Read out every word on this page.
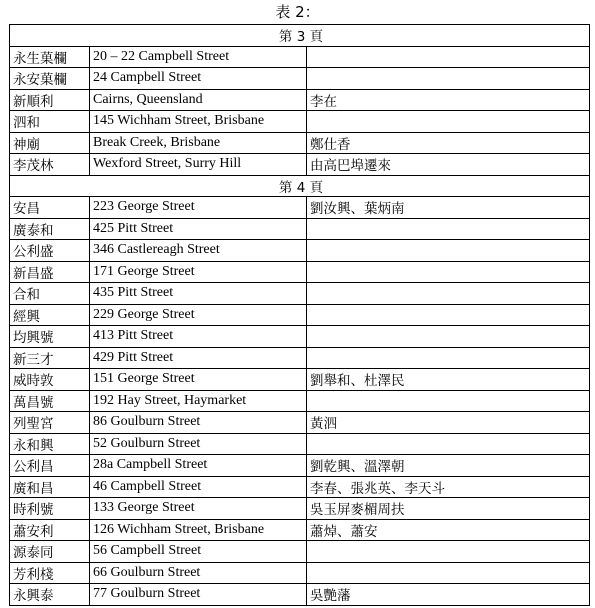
表 2：
第 3 頁		
永生菓欄	20 – 22 Campbell Street	
永安菓欄	24 Campbell Street	
新順利	Cairns, Queensland	李在
泗和	145 Wichham Street, Brisbane	
神廟	Break Creek, Brisbane	鄭仕香
李茂林	Wexford Street, Surry Hill	由高巴埠遷來
第 4 頁		
安昌	223 George Street	劉汝興、葉炳南
廣泰和	425 Pitt Street	
公利盛	346 Castlereagh Street	
新昌盛	171 George Street	
合和	435 Pitt Street	
經興	229 George Street	
均興號	413 Pitt Street	
新三才	429 Pitt Street	
威時敦	151 George Street	劉舉和、杜澤民
萬昌號	192 Hay Street, Haymarket	
列聖宮	86 Goulburn Street	黃泗
永和興	52 Goulburn Street	
公利昌	28a Campbell Street	劉乾興、溫澤朝
廣和昌	46 Campbell Street	李春、張兆英、李天斗
時利號	133 George Street	吳玉屏麥楣周扶
蕭安利	126 Wichham Street, Brisbane	蕭焯、蕭安
源泰同	56 Campbell Street	
芳利棧	66 Goulburn Street	
永興泰	77 Goulburn Street	吳艷藩
